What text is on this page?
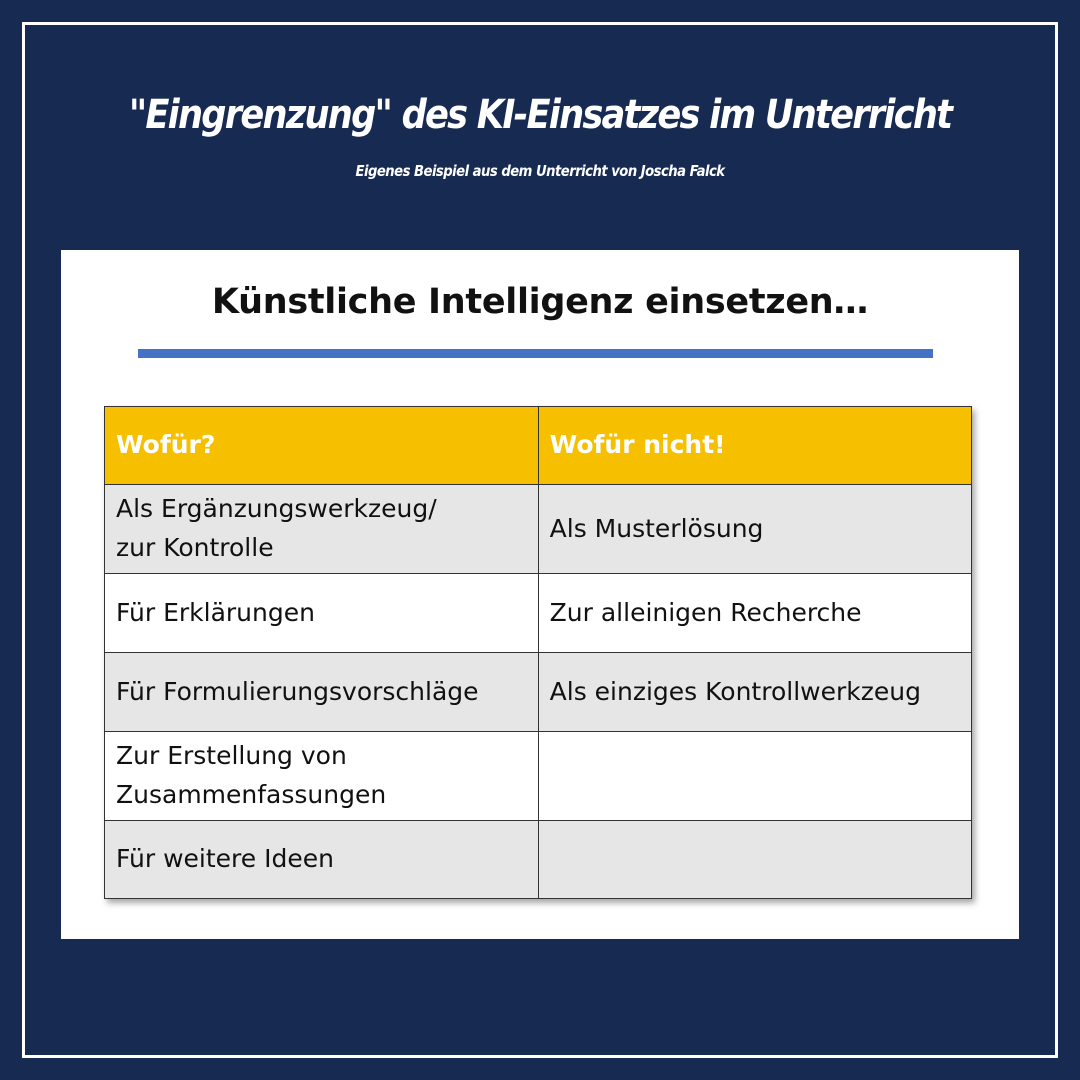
"Eingrenzung" des KI-Einsatzes im Unterricht

Eigenes Beispiel aus dem Unterricht von Joscha Falck

Künstliche Intelligenz einsetzen…
Wofür?	Wofür nicht!
Als Ergänzungswerkzeug/
zur Kontrolle	Als Musterlösung
Für Erklärungen	Zur alleinigen Recherche
Für Formulierungsvorschläge	Als einziges Kontrollwerkzeug
Zur Erstellung von
Zusammenfassungen	
Für weitere Ideen	
